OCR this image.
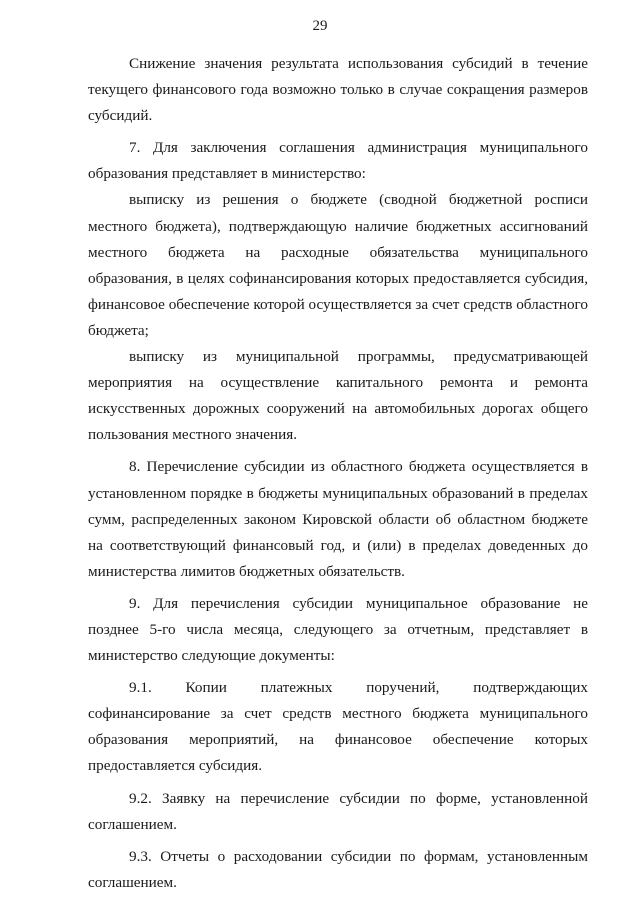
29

Снижение значения результата использования субсидий в течение текущего финансового года возможно только в случае сокращения размеров субсидий.

7. Для заключения соглашения администрация муниципального образования представляет в министерство:

выписку из решения о бюджете (сводной бюджетной росписи местного бюджета), подтверждающую наличие бюджетных ассигнований местного бюджета на расходные обязательства муниципального образования, в целях софинансирования которых предоставляется субсидия, финансовое обеспечение которой осуществляется за счет средств областного бюджета;

выписку из муниципальной программы, предусматривающей мероприятия на осуществление капитального ремонта и ремонта искусственных дорожных сооружений на автомобильных дорогах общего пользования местного значения.

8. Перечисление субсидии из областного бюджета осуществляется в установленном порядке в бюджеты муниципальных образований в пределах сумм, распределенных законом Кировской области об областном бюджете на соответствующий финансовый год, и (или) в пределах доведенных до министерства лимитов бюджетных обязательств.

9. Для перечисления субсидии муниципальное образование не позднее 5-го числа месяца, следующего за отчетным, представляет в министерство следующие документы:

9.1. Копии платежных поручений, подтверждающих софинансирование за счет средств местного бюджета муниципального образования мероприятий, на финансовое обеспечение которых предоставляется субсидия.

9.2. Заявку на перечисление субсидии по форме, установленной соглашением.

9.3. Отчеты о расходовании субсидии по формам, установленным соглашением.
